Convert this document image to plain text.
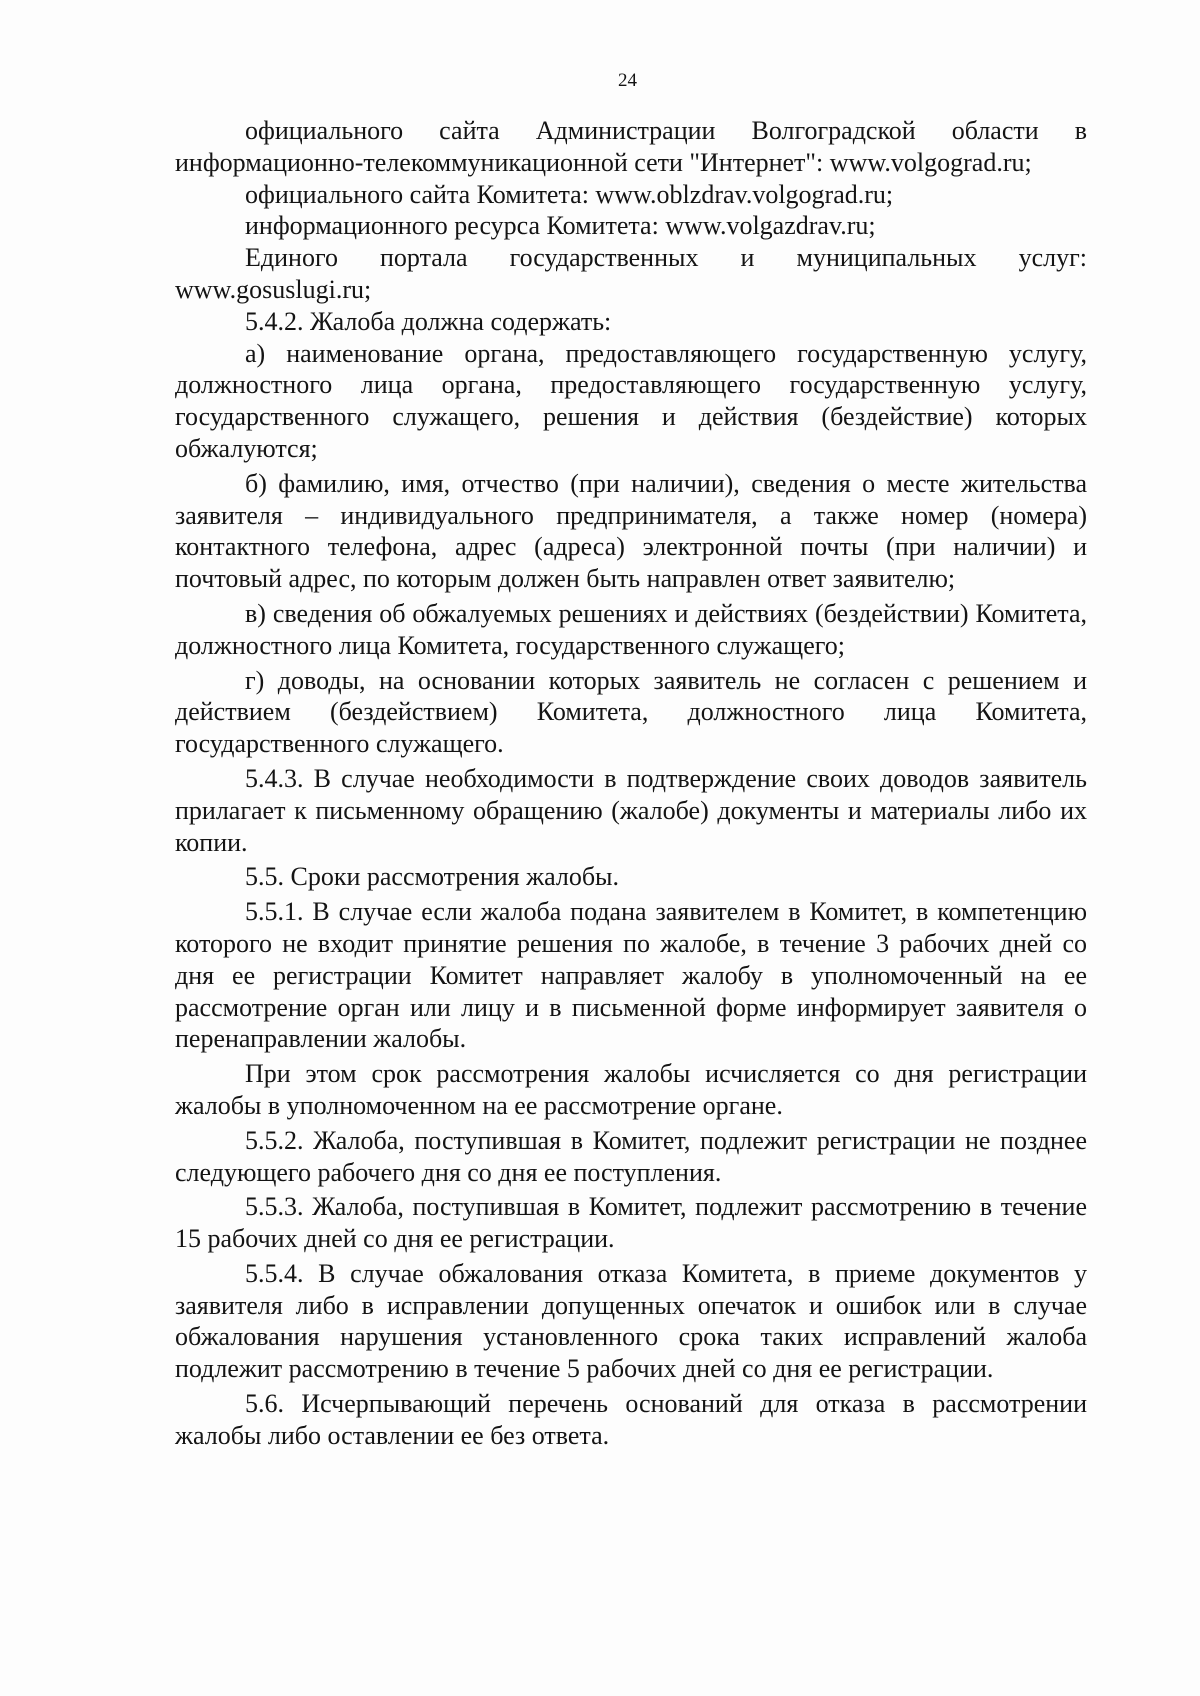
24

официального сайта Администрации Волгоградской области в информационно-телекоммуникационной сети "Интернет": www.volgograd.ru;

официального сайта Комитета: www.oblzdrav.volgograd.ru;

информационного ресурса Комитета: www.volgazdrav.ru;

Единого портала государственных и муниципальных услуг: www.gosuslugi.ru;

5.4.2. Жалоба должна содержать:

а) наименование органа, предоставляющего государственную услугу, должностного лица органа, предоставляющего государственную услугу, государственного служащего, решения и действия (бездействие) которых обжалуются;

б) фамилию, имя, отчество (при наличии), сведения о месте жительства заявителя – индивидуального предпринимателя, а также номер (номера) контактного телефона, адрес (адреса) электронной почты (при наличии) и почтовый адрес, по которым должен быть направлен ответ заявителю;

в) сведения об обжалуемых решениях и действиях (бездействии) Комитета, должностного лица Комитета, государственного служащего;

г) доводы, на основании которых заявитель не согласен с решением и действием (бездействием) Комитета, должностного лица Комитета, государственного служащего.

5.4.3. В случае необходимости в подтверждение своих доводов заявитель прилагает к письменному обращению (жалобе) документы и материалы либо их копии.

5.5. Сроки рассмотрения жалобы.

5.5.1. В случае если жалоба подана заявителем в Комитет, в компетенцию которого не входит принятие решения по жалобе, в течение 3 рабочих дней со дня ее регистрации Комитет направляет жалобу в уполномоченный на ее рассмотрение орган или лицу и в письменной форме информирует заявителя о перенаправлении жалобы.

При этом срок рассмотрения жалобы исчисляется со дня регистрации жалобы в уполномоченном на ее рассмотрение органе.

5.5.2. Жалоба, поступившая в Комитет, подлежит регистрации не позднее следующего рабочего дня со дня ее поступления.

5.5.3. Жалоба, поступившая в Комитет, подлежит рассмотрению в течение 15 рабочих дней со дня ее регистрации.

5.5.4. В случае обжалования отказа Комитета, в приеме документов у заявителя либо в исправлении допущенных опечаток и ошибок или в случае обжалования нарушения установленного срока таких исправлений жалоба подлежит рассмотрению в течение 5 рабочих дней со дня ее регистрации.

5.6. Исчерпывающий перечень оснований для отказа в рассмотрении жалобы либо оставлении ее без ответа.
